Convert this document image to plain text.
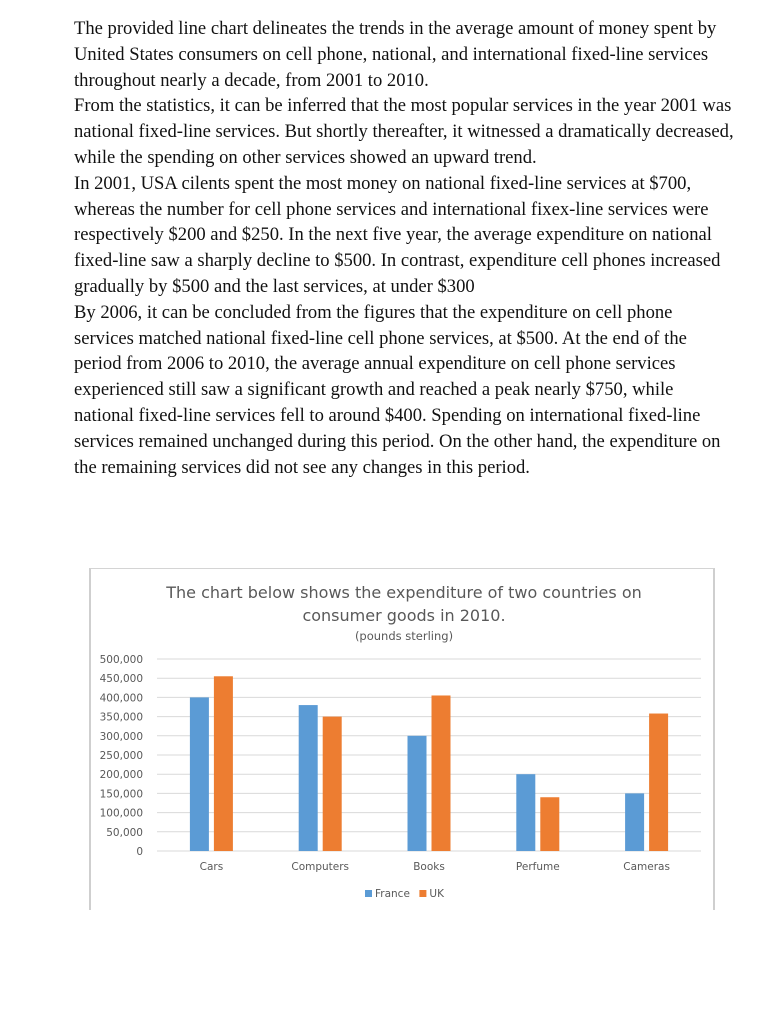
The provided line chart delineates the trends in the average amount of money spent by United States consumers on cell phone, national, and international fixed-line services throughout nearly a decade, from 2001 to 2010.

From the statistics, it can be inferred that the most popular services in the year 2001 was national fixed-line services. But shortly thereafter, it witnessed a dramatically decreased, while the spending on other services showed an upward trend.

In 2001, USA cilents spent the most money on national fixed-line services at $700, whereas the number for cell phone services and international fixex-line services were respectively $200 and $250. In the next five year, the average expenditure on national fixed-line saw a sharply decline to $500. In contrast, expenditure cell phones increased gradually by $500 and the last services, at under $300

By 2006, it can be concluded from the figures that the expenditure on cell phone services matched national fixed-line cell phone services, at $500. At the end of the period from 2006 to 2010, the average annual expenditure on cell phone services experienced still saw a significant growth and reached a peak nearly $750, while national fixed-line services fell to around $400. Spending on international fixed-line services remained unchanged during this period. On the other hand, the expenditure on the remaining services did not see any changes in this period.

The chart below shows the expenditure of two countries on
consumer goods in 2010.
(pounds sterling)
0
50,000
100,000
150,000
200,000
250,000
300,000
350,000
400,000
450,000
500,000
Cars	Computers	Books	Perfume	Cameras
France UK
